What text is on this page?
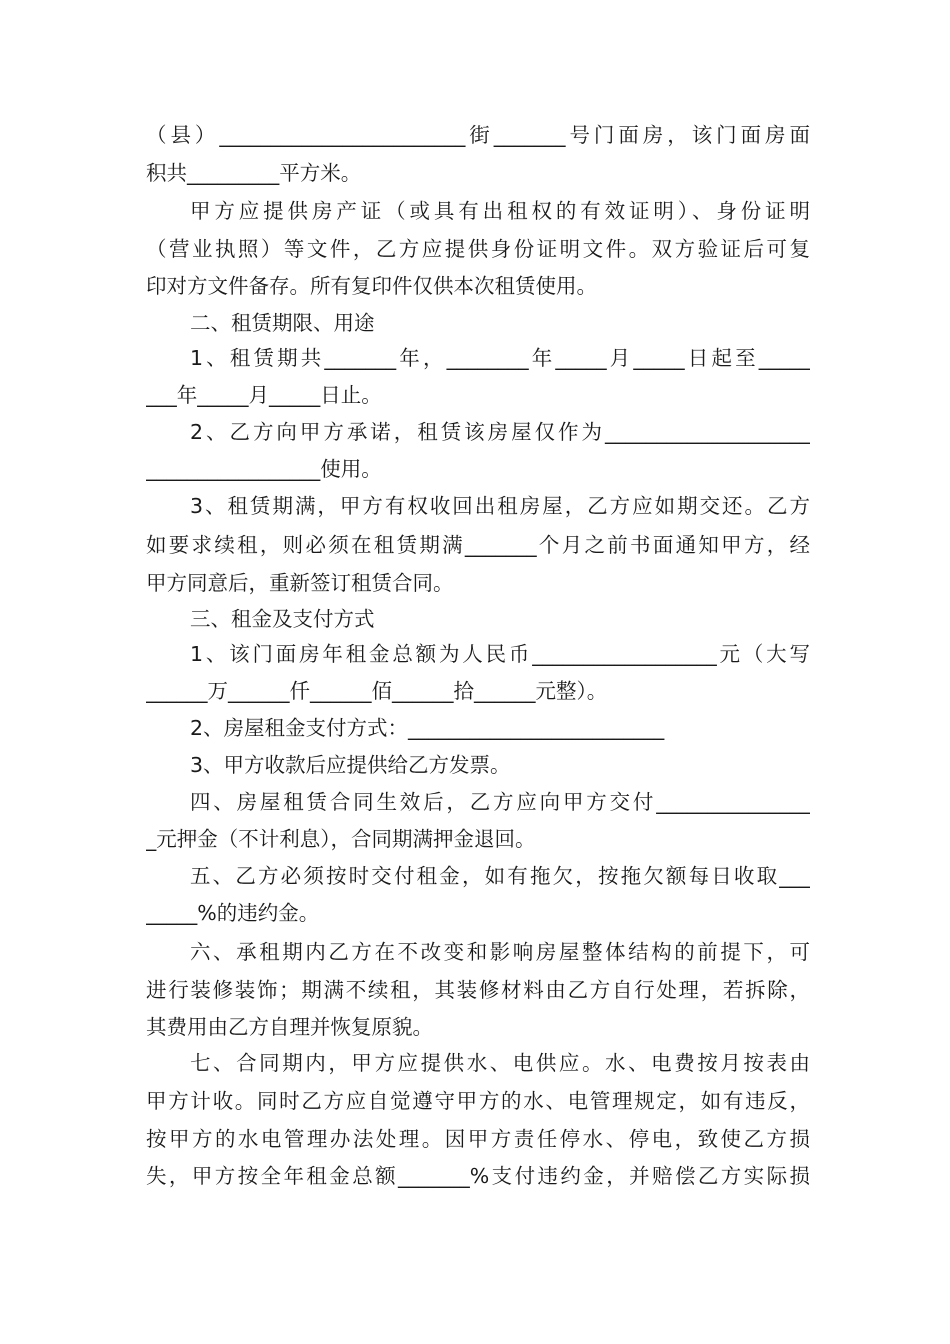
（县）________________________街_______号门面房，该门面房面

积共_________平方米。

甲方应提供房产证（或具有出租权的有效证明）、身份证明

（营业执照）等文件，乙方应提供身份证明文件。双方验证后可复

印对方文件备存。所有复印件仅供本次租赁使用。

二、租赁期限、用途

1、租赁期共_______年，________年_____月_____日起至_____

___年_____月_____日止。

2、乙方向甲方承诺，租赁该房屋仅作为____________________

_________________使用。

3、租赁期满，甲方有权收回出租房屋，乙方应如期交还。乙方

如要求续租，则必须在租赁期满_______个月之前书面通知甲方，经

甲方同意后，重新签订租赁合同。

三、租金及支付方式

1、该门面房年租金总额为人民币__________________元（大写

______万______仟______佰______拾______元整）。

2、房屋租金支付方式：_________________________

3、甲方收款后应提供给乙方发票。

四、房屋租赁合同生效后，乙方应向甲方交付_______________

_元押金（不计利息），合同期满押金退回。

五、乙方必须按时交付租金，如有拖欠，按拖欠额每日收取___

_____%的违约金。

六、承租期内乙方在不改变和影响房屋整体结构的前提下，可

进行装修装饰；期满不续租，其装修材料由乙方自行处理，若拆除，

其费用由乙方自理并恢复原貌。

七、合同期内，甲方应提供水、电供应。水、电费按月按表由

甲方计收。同时乙方应自觉遵守甲方的水、电管理规定，如有违反，

按甲方的水电管理办法处理。因甲方责任停水、停电，致使乙方损

失，甲方按全年租金总额_______%支付违约金，并赔偿乙方实际损
